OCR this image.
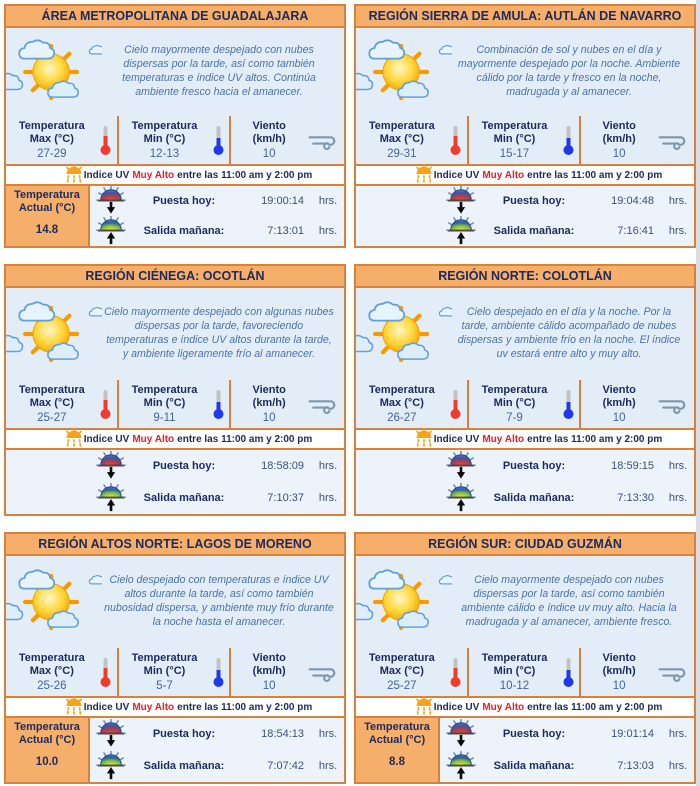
ÁREA METROPOLITANA DE GUADALAJARA
Cielo mayormente despejado con nubes dispersas por la tarde, así como también temperaturas e índice UV altos. Continúa ambiente fresco hacia el amanecer.
Temperatura
Max (°C)
27-29
Temperatura
Min (°C)
12-13
Viento
(km/h)
10
Indice UV Muy Alto entre las 11:00 am y 2:00 pm
Temperatura
Actual (°C)
14.8
Puesta hoy:	19:00:14	hrs.
Salida mañana:	7:13:01	hrs.
REGIÓN SIERRA DE AMULA: AUTLÁN DE NAVARRO
Combinación de sol y nubes en el día y mayormente despejado por la noche. Ambiente cálido por la tarde y fresco en la noche, madrugada y al amanecer.
Temperatura
Max (°C)
29-31
Temperatura
Min (°C)
15-17
Viento
(km/h)
10
Indice UV Muy Alto entre las 11:00 am y 2:00 pm

Puesta hoy:	19:04:48	hrs.
Salida mañana:	7:16:41	hrs.
REGIÓN CIÉNEGA: OCOTLÁN
Cielo mayormente despejado con algunas nubes dispersas por la tarde, favoreciendo temperaturas e índice UV altos durante la tarde, y ambiente ligeramente frío al amanecer.
Temperatura
Max (°C)
25-27
Temperatura
Min (°C)
9-11
Viento
(km/h)
10
Indice UV Muy Alto entre las 11:00 am y 2:00 pm

Puesta hoy:	18:58:09	hrs.
Salida mañana:	7:10:37	hrs.
REGIÓN NORTE: COLOTLÁN
Cielo despejado en el día y la noche. Por la tarde, ambiente cálido acompañado de nubes dispersas y ambiente frío en la noche. El índice uv estará entre alto y muy alto.
Temperatura
Max (°C)
26-27
Temperatura
Min (°C)
7-9
Viento
(km/h)
10
Indice UV Muy Alto entre las 11:00 am y 2:00 pm

Puesta hoy:	18:59:15	hrs.
Salida mañana:	7:13:30	hrs.
REGIÓN ALTOS NORTE: LAGOS DE MORENO
Cielo despejado con temperaturas e índice UV altos durante la tarde, así como también nubosidad dispersa, y ambiente muy frío durante la noche hasta el amanecer.
Temperatura
Max (°C)
25-26
Temperatura
Min (°C)
5-7
Viento
(km/h)
10
Indice UV Muy Alto entre las 11:00 am y 2:00 pm
Temperatura
Actual (°C)
10.0
Puesta hoy:	18:54:13	hrs.
Salida mañana:	7:07:42	hrs.
REGIÓN SUR: CIUDAD GUZMÁN
Cielo mayormente despejado con nubes dispersas por la tarde, así como también ambiente cálido e índice uv muy alto. Hacia la madrugada y al amanecer, ambiente fresco.
Temperatura
Max (°C)
25-27
Temperatura
Min (°C)
10-12
Viento
(km/h)
10
Indice UV Muy Alto entre las 11:00 am y 2:00 pm
Temperatura
Actual (°C)
8.8
Puesta hoy:	19:01:14	hrs.
Salida mañana:	7:13:03	hrs.
